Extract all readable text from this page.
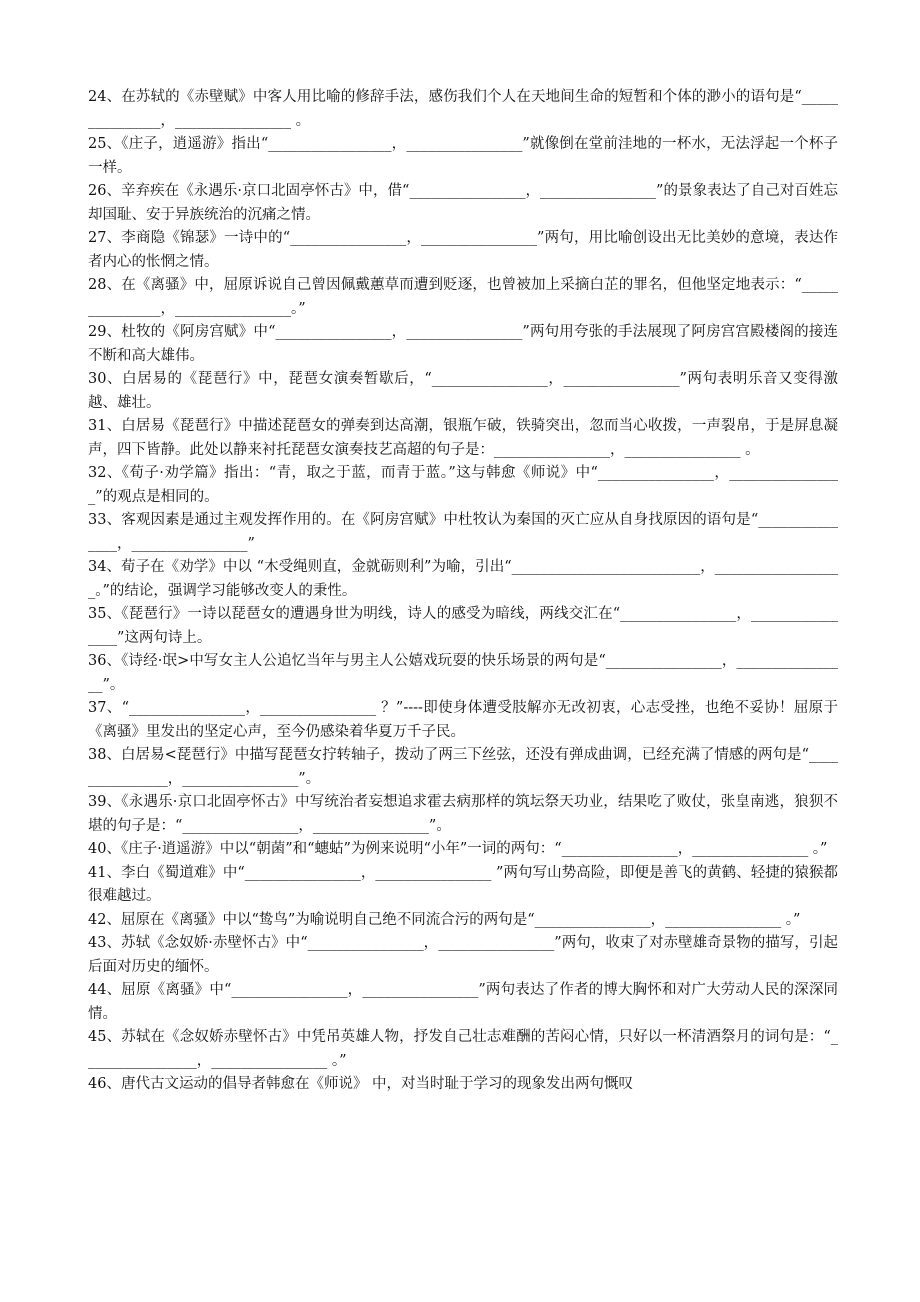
24、在苏轼的《赤壁赋》中客人用比喻的修辞手法，感伤我们个人在天地间生命的短暂和个体的渺小的语句是“_______________，________________ 。

25、《庄子，逍遥游》指出“_________________，________________”就像倒在堂前洼地的一杯水，无法浮起一个杯子一样。

26、辛弃疾在《永遇乐·京口北固亭怀古》中，借“________________，________________”的景象表达了自己对百姓忘却国耻、安于异族统治的沉痛之情。

27、李商隐《锦瑟》一诗中的“________________，________________”两句，用比喻创设出无比美妙的意境，表达作者内心的怅惘之情。

28、在《离骚》中，屈原诉说自己曾因佩戴蕙草而遭到贬逐，也曾被加上采摘白芷的罪名，但他坚定地表示：“_______________，________________。”

29、杜牧的《阿房宫赋》中“________________，________________”两句用夸张的手法展现了阿房宫宫殿楼阁的接连不断和高大雄伟。

30、白居易的《琵琶行》中，琵琶女演奏暂歇后，“________________，________________”两句表明乐音又变得激越、雄壮。

31、白居易《琵琶行》中描述琵琶女的弹奏到达高潮，银瓶乍破，铁骑突出，忽而当心收拨，一声裂帛，于是屏息凝声，四下皆静。此处以静来衬托琵琶女演奏技艺高超的句子是：________________，________________ 。

32、《荀子·劝学篇》指出：“青，取之于蓝，而青于蓝。”这与韩愈《师说》中“________________，________________”的观点是相同的。

33、客观因素是通过主观发挥作用的。在《阿房宫赋》中杜牧认为秦国的灭亡应从自身找原因的语句是“_______________，________________”

34、荀子在《劝学》中以 “木受绳则直，金就砺则利”为喻，引出“__________________________，__________________。”的结论，强调学习能够改变人的秉性。

35、《琵琶行》一诗以琵琶女的遭遇身世为明线，诗人的感受为暗线，两线交汇在“________________，________________”这两句诗上。

36、《诗经·氓>中写女主人公追忆当年与男主人公嬉戏玩耍的快乐场景的两句是“________________，________________”。

37、“________________，________________ ？”----即使身体遭受肢解亦无改初衷，心志受挫，也绝不妥协！屈原于《离骚》里发出的坚定心声，至今仍感染着华夏万千子民。

38、白居易<琵琶行》中描写琵琶女拧转轴子，拨动了两三下丝弦，还没有弹成曲调，已经充满了情感的两句是“_______________，________________”。

39、《永遇乐·京口北固亭怀古》中写统治者妄想追求霍去病那样的筑坛祭天功业，结果吃了败仗，张皇南逃，狼狈不堪的句子是：“________________，________________”。

40、《庄子·逍遥游》中以“朝菌”和“蟪蛄”为例来说明“小年”一词的两句：“________________，________________ 。”

41、李白《蜀道难》中“________________，________________ ”两句写山势高险，即便是善飞的黄鹤、轻捷的猿猴都很难越过。

42、屈原在《离骚》中以“鸷鸟”为喻说明自己绝不同流合污的两句是“________________，________________ 。”

43、苏轼《念奴娇·赤壁怀古》中“________________，________________”两句，收束了对赤壁雄奇景物的描写，引起后面对历史的缅怀。

44、屈原《离骚》中“________________，________________”两句表达了作者的博大胸怀和对广大劳动人民的深深同情。

45、苏轼在《念奴娇赤壁怀古》中凭吊英雄人物，抒发自己壮志难酬的苦闷心情，只好以一杯清酒祭月的词句是：“________________，________________ 。”

46、唐代古文运动的倡导者韩愈在《师说》 中，对当时耻于学习的现象发出两句慨叹
